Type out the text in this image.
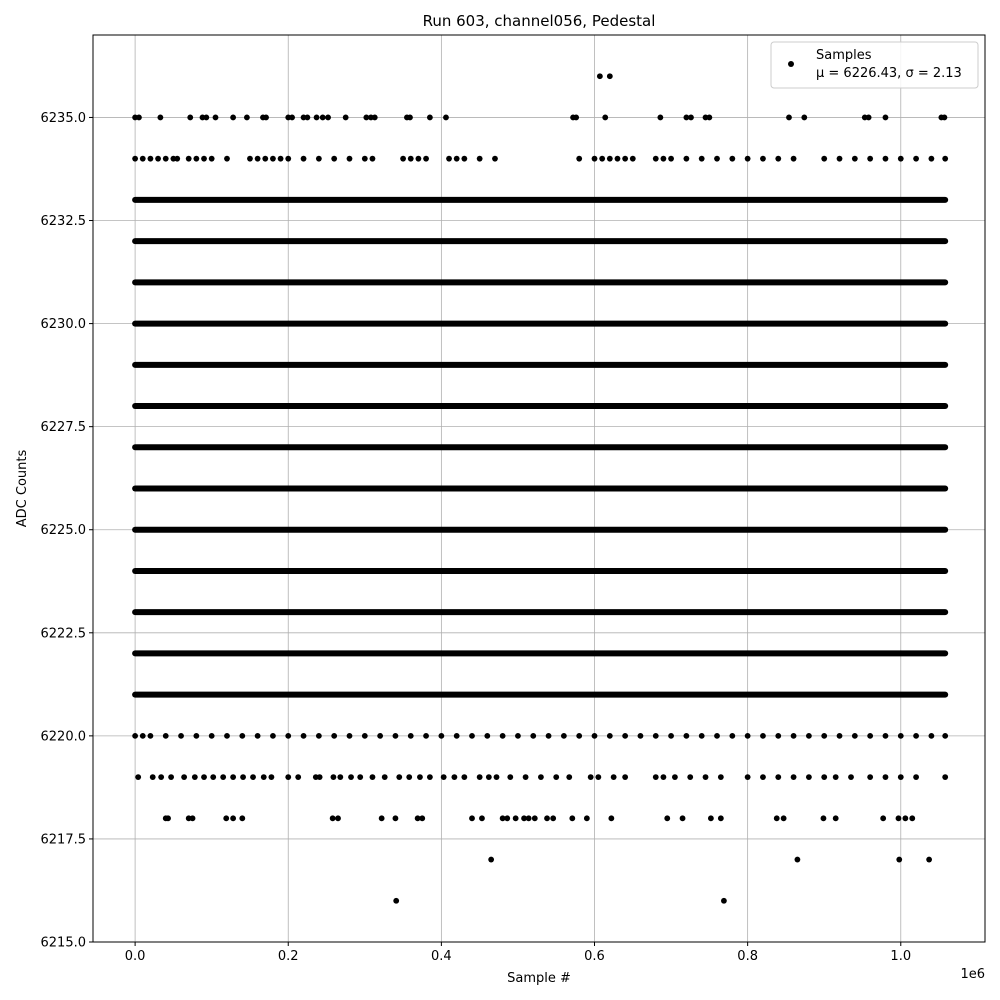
0.0	0.2	0.4	0.6	0.8	1.0
6215.0
6217.5
6220.0
6222.5
6225.0
6227.5
6230.0
6232.5
6235.0
Run 603, channel056, Pedestal
Sample #
ADC Counts
1e6
Samples
μ = 6226.43, σ = 2.13
